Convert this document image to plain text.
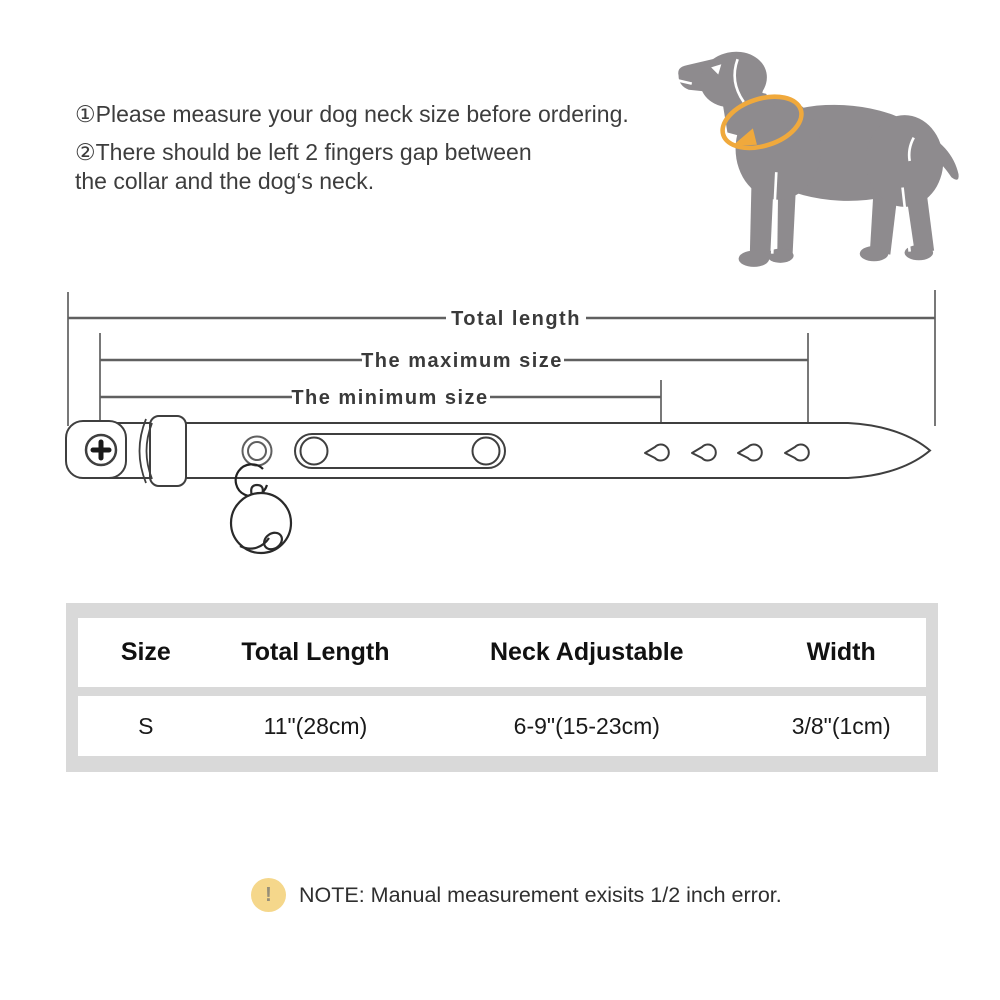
①Please measure your dog neck size before ordering.

②There should be left 2 fingers gap between
the collar and the dog‘s neck.

Total length
The maximum size
The minimum size
Size	Total Length	Neck Adjustable	Width
S	11"(28cm)	6-9"(15-23cm)	3/8"(1cm)
!	NOTE: Manual measurement exisits 1/2 inch error.
